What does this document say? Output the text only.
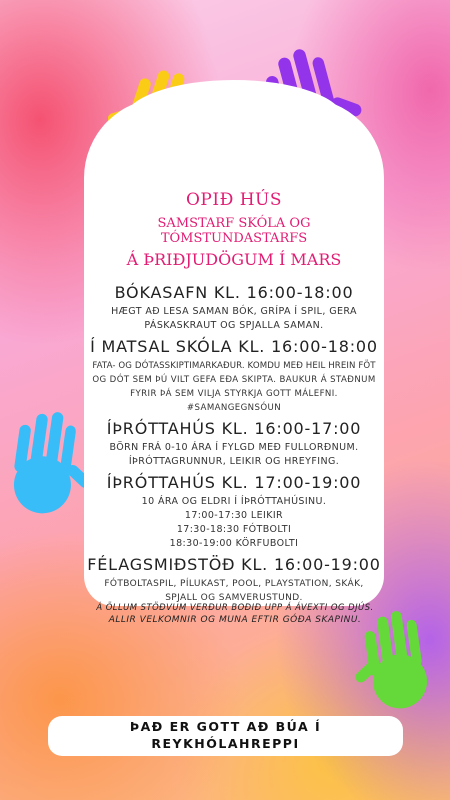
OPIÐ HÚS
SAMSTARF SKÓLA OG TÓMSTUNDASTARFS
Á ÞRIÐJUDÖGUM Í MARS
BÓKASAFN KL. 16:00-18:00
HÆGT AÐ LESA SAMAN BÓK, GRÍPA Í SPIL, GERA
PÁSKASKRAUT OG SPJALLA SAMAN.
Í MATSAL SKÓLA KL. 16:00-18:00
FATA- OG DÓTASSKIPTIMARKAÐUR. KOMDU MEÐ HEIL HREIN FÖT
OG DÓT SEM ÞÚ VILT GEFA EÐA SKIPTA. BAUKUR Á STAÐNUM
FYRIR ÞÁ SEM VILJA STYRKJA GOTT MÁLEFNI.
#SAMANGEGNSÓUN
ÍÞRÓTTAHÚS KL. 16:00-17:00
BÖRN FRÁ 0-10 ÁRA Í FYLGD MEÐ FULLORÐNUM.
ÍÞRÓTTAGRUNNUR, LEIKIR OG HREYFING.
ÍÞRÓTTAHÚS KL. 17:00-19:00
10 ÁRA OG ELDRI Í ÍÞRÓTTAHÚSINU.
17:00-17:30 LEIKIR
17:30-18:30 FÓTBOLTI
18:30-19:00 KÖRFUBOLTI
FÉLAGSMIÐSTÖÐ KL. 16:00-19:00
FÓTBOLTASPIL, PÍLUKAST, POOL, PLAYSTATION, SKÁK,
SPJALL OG SAMVERUSTUND.
Á ÖLLUM STÖÐVUM VERÐUR BOÐIÐ UPP Á ÁVEXTI OG DJÚS.
ALLIR VELKOMNIR OG MUNA EFTIR GÓÐA SKAPINU.
ÞAÐ ER GOTT AÐ BÚA Í
REYKHÓLAHREPPI
